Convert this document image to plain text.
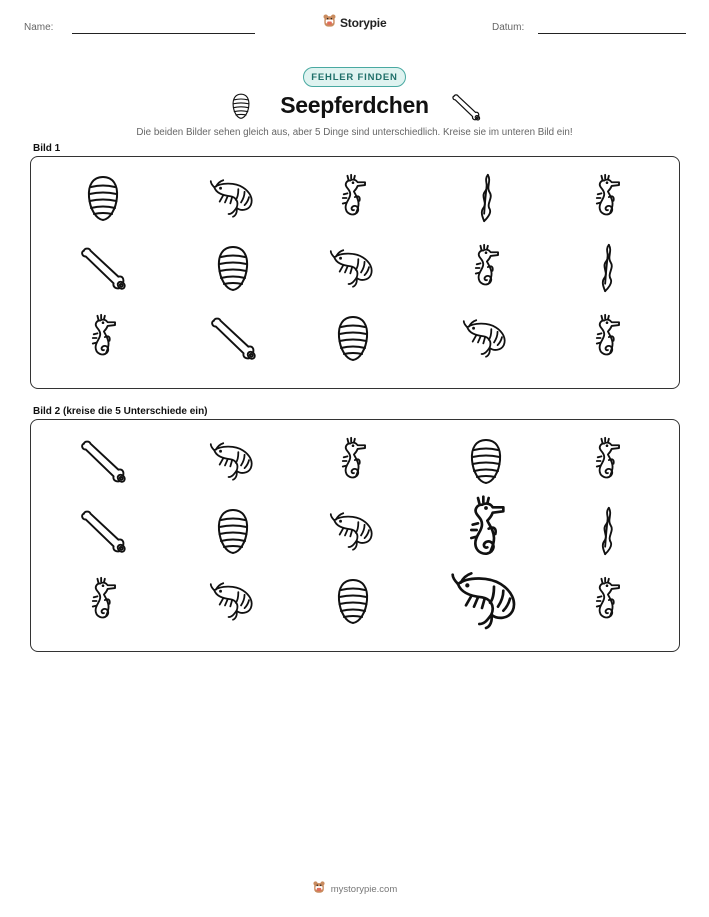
Name:	Storypie	Datum:
FEHLER FINDEN
Seepferdchen
Die beiden Bilder sehen gleich aus, aber 5 Dinge sind unterschiedlich. Kreise sie im unteren Bild ein!
Bild 1
Bild 2 (kreise die 5 Unterschiede ein)
mystorypie.com
